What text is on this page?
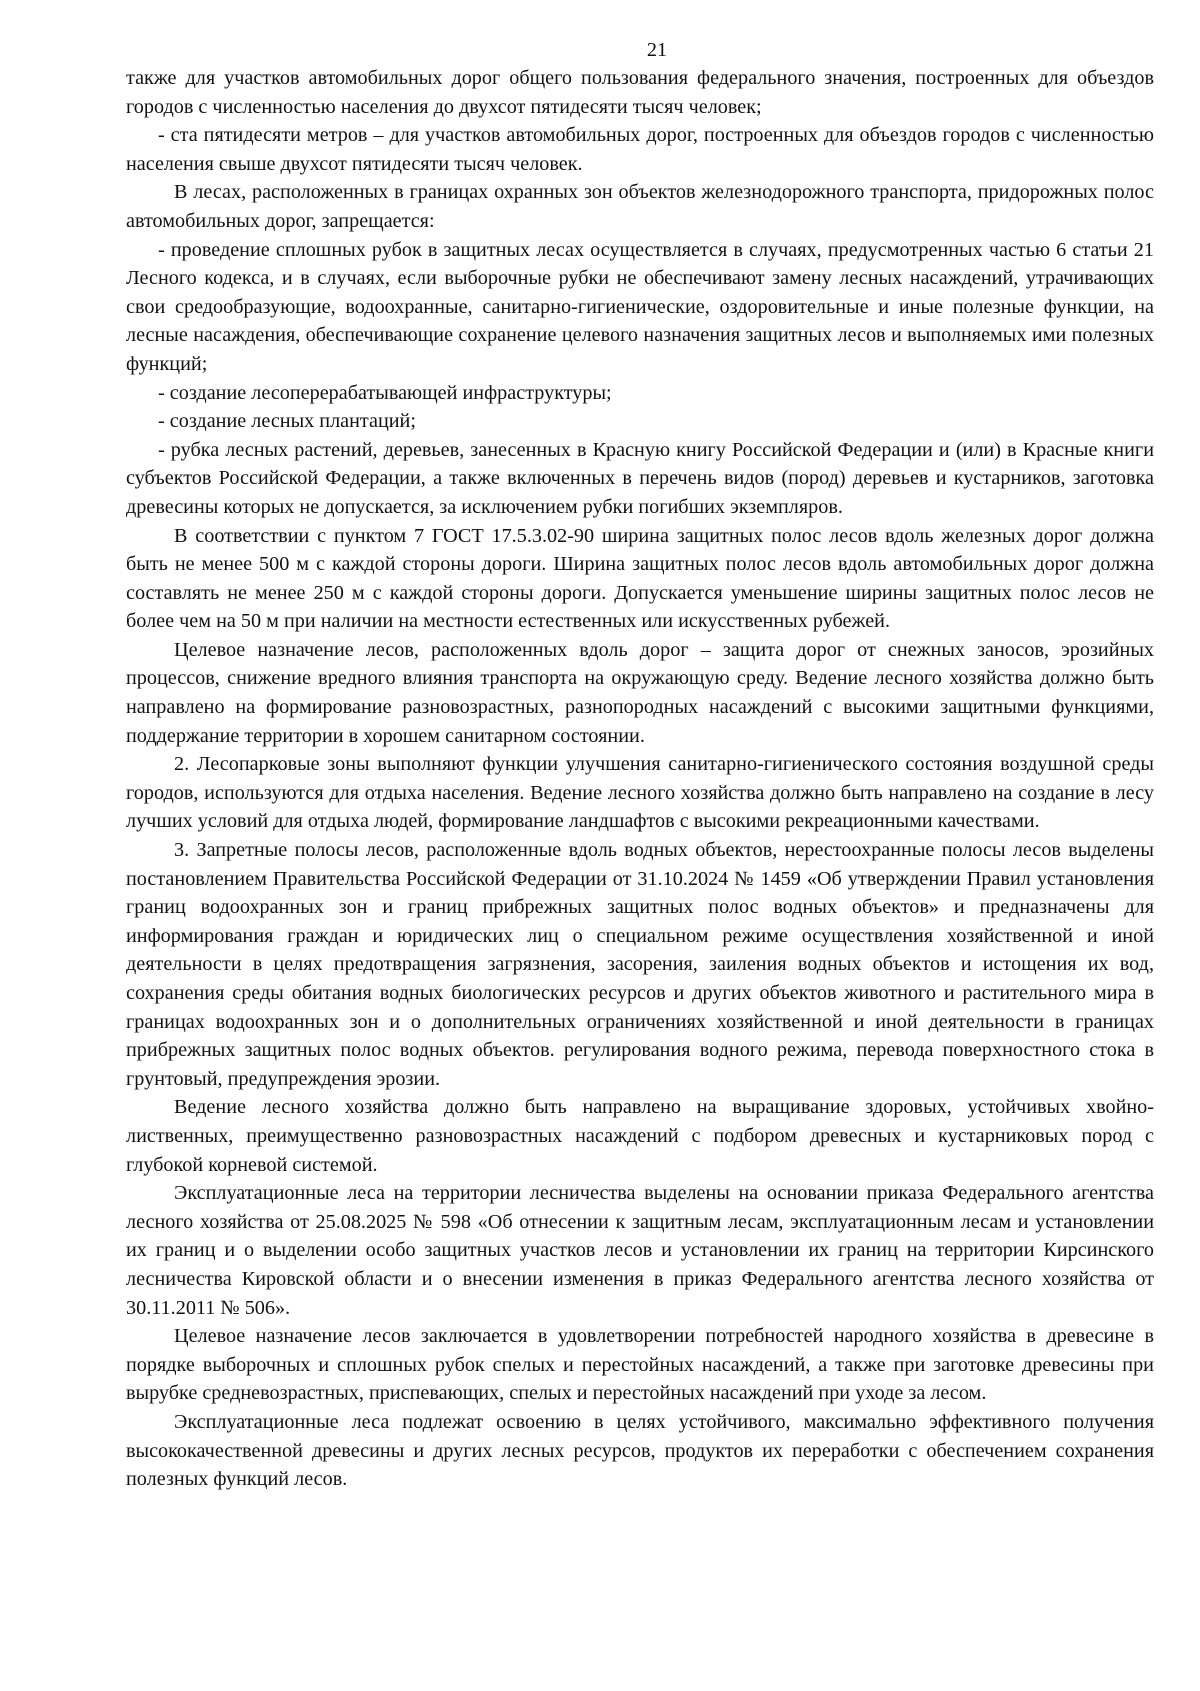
21

также для участков автомобильных дорог общего пользования федерального значения, построенных для объездов городов с численностью населения до двухсот пятидесяти тысяч человек;

- ста пятидесяти метров – для участков автомобильных дорог, построенных для объездов городов с численностью населения свыше двухсот пятидесяти тысяч человек.

В лесах, расположенных в границах охранных зон объектов железнодорожного транспорта, придорожных полос автомобильных дорог, запрещается:

- проведение сплошных рубок в защитных лесах осуществляется в случаях, предусмотренных частью 6 статьи 21 Лесного кодекса, и в случаях, если выборочные рубки не обеспечивают замену лесных насаждений, утрачивающих свои средообразующие, водоохранные, санитарно-гигиенические, оздоровительные и иные полезные функции, на лесные насаждения, обеспечивающие сохранение целевого назначения защитных лесов и выполняемых ими полезных функций;

- создание лесоперерабатывающей инфраструктуры;

- создание лесных плантаций;

- рубка лесных растений, деревьев, занесенных в Красную книгу Российской Федерации и (или) в Красные книги субъектов Российской Федерации, а также включенных в перечень видов (пород) деревьев и кустарников, заготовка древесины которых не допускается, за исключением рубки погибших экземпляров.

В соответствии с пунктом 7 ГОСТ 17.5.3.02-90 ширина защитных полос лесов вдоль железных дорог должна быть не менее 500 м с каждой стороны дороги. Ширина защитных полос лесов вдоль автомобильных дорог должна составлять не менее 250 м с каждой стороны дороги. Допускается уменьшение ширины защитных полос лесов не более чем на 50 м при наличии на местности естественных или искусственных рубежей.

Целевое назначение лесов, расположенных вдоль дорог – защита дорог от снежных заносов, эрозийных процессов, снижение вредного влияния транспорта на окружающую среду. Ведение лесного хозяйства должно быть направлено на формирование разновозрастных, разнопородных насаждений с высокими защитными функциями, поддержание территории в хорошем санитарном состоянии.

2. Лесопарковые зоны выполняют функции улучшения санитарно-гигиенического состояния воздушной среды городов, используются для отдыха населения. Ведение лесного хозяйства должно быть направлено на создание в лесу лучших условий для отдыха людей, формирование ландшафтов с высокими рекреационными качествами.

3. Запретные полосы лесов, расположенные вдоль водных объектов, нерестоохранные полосы лесов выделены постановлением Правительства Российской Федерации от 31.10.2024 № 1459 «Об утверждении Правил установления границ водоохранных зон и границ прибрежных защитных полос водных объектов» и предназначены для информирования граждан и юридических лиц о специальном режиме осуществления хозяйственной и иной деятельности в целях предотвращения загрязнения, засорения, заиления водных объектов и истощения их вод, сохранения среды обитания водных биологических ресурсов и других объектов животного и растительного мира в границах водоохранных зон и о дополнительных ограничениях хозяйственной и иной деятельности в границах прибрежных защитных полос водных объектов. регулирования водного режима, перевода поверхностного стока в грунтовый, предупреждения эрозии.

Ведение лесного хозяйства должно быть направлено на выращивание здоровых, устойчивых хвойно-лиственных, преимущественно разновозрастных насаждений с подбором древесных и кустарниковых пород с глубокой корневой системой.

Эксплуатационные леса на территории лесничества выделены на основании приказа Федерального агентства лесного хозяйства от 25.08.2025 № 598 «Об отнесении к защитным лесам, эксплуатационным лесам и установлении их границ и о выделении особо защитных участков лесов и установлении их границ на территории Кирсинского лесничества Кировской области и о внесении изменения в приказ Федерального агентства лесного хозяйства от 30.11.2011 № 506».

Целевое назначение лесов заключается в удовлетворении потребностей народного хозяйства в древесине в порядке выборочных и сплошных рубок спелых и перестойных насаждений, а также при заготовке древесины при вырубке средневозрастных, приспевающих, спелых и перестойных насаждений при уходе за лесом.

Эксплуатационные леса подлежат освоению в целях устойчивого, максимально эффективного получения высококачественной древесины и других лесных ресурсов, продуктов их переработки с обеспечением сохранения полезных функций лесов.
